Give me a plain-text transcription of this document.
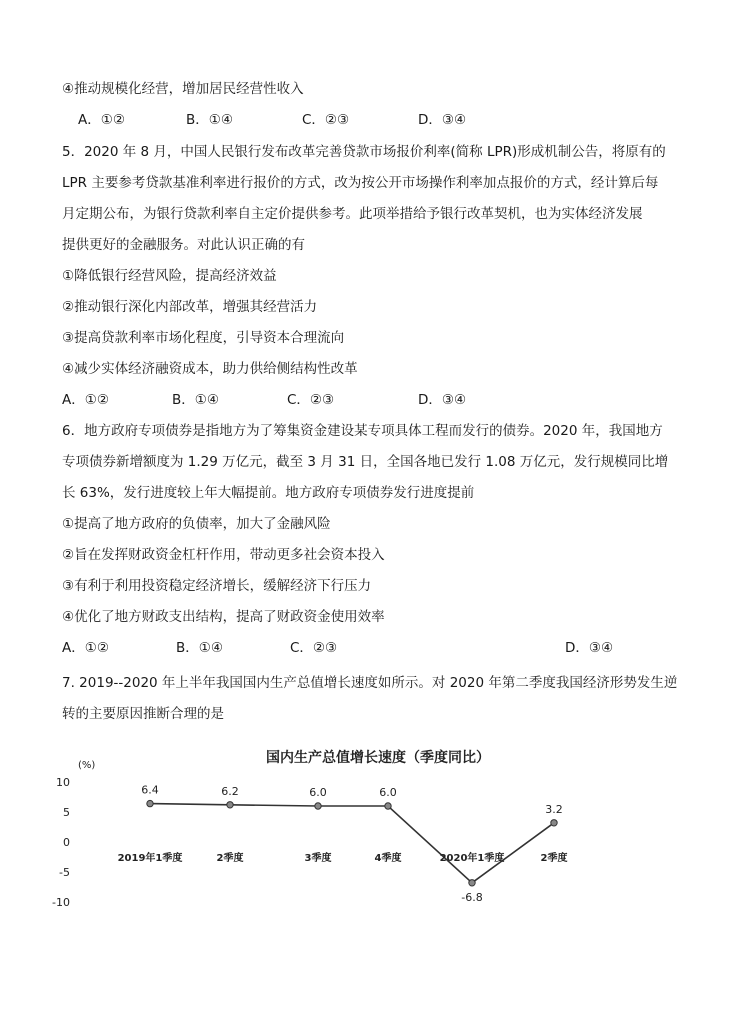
④推动规模化经营，增加居民经营性收入
A．①②	B．①④	C．②③	D．③④
5．2020 年 8 月，中国人民银行发布改革完善贷款市场报价利率(简称 LPR)形成机制公告，将原有的
LPR 主要参考贷款基准利率进行报价的方式，改为按公开市场操作利率加点报价的方式，经计算后每
月定期公布，为银行贷款利率自主定价提供参考。此项举措给予银行改革契机，也为实体经济发展
提供更好的金融服务。对此认识正确的有
①降低银行经营风险，提高经济效益
②推动银行深化内部改革，增强其经营活力
③提高贷款利率市场化程度，引导资本合理流向
④减少实体经济融资成本，助力供给侧结构性改革
A．①②	B．①④	C．②③	D．③④
6．地方政府专项债券是指地方为了筹集资金建设某专项具体工程而发行的债券。2020 年，我国地方
专项债券新增额度为 1.29 万亿元，截至 3 月 31 日，全国各地已发行 1.08 万亿元，发行规模同比增
长 63%，发行进度较上年大幅提前。地方政府专项债券发行进度提前
①提高了地方政府的负债率，加大了金融风险
②旨在发挥财政资金杠杆作用，带动更多社会资本投入
③有利于利用投资稳定经济增长，缓解经济下行压力
④优化了地方财政支出结构，提高了财政资金使用效率
A．①②	B．①④	C．②③	D．③④
7. 2019--2020 年上半年我国国内生产总值增长速度如所示。对 2020 年第二季度我国经济形势发生逆
转的主要原因推断合理的是
国内生产总值增长速度（季度同比）
(%)
10
5
0
-5
-10
2019年1季度	2季度	3季度	4季度	2020年1季度	2季度
6.4	6.2	6.0	6.0
-6.8
3.2
